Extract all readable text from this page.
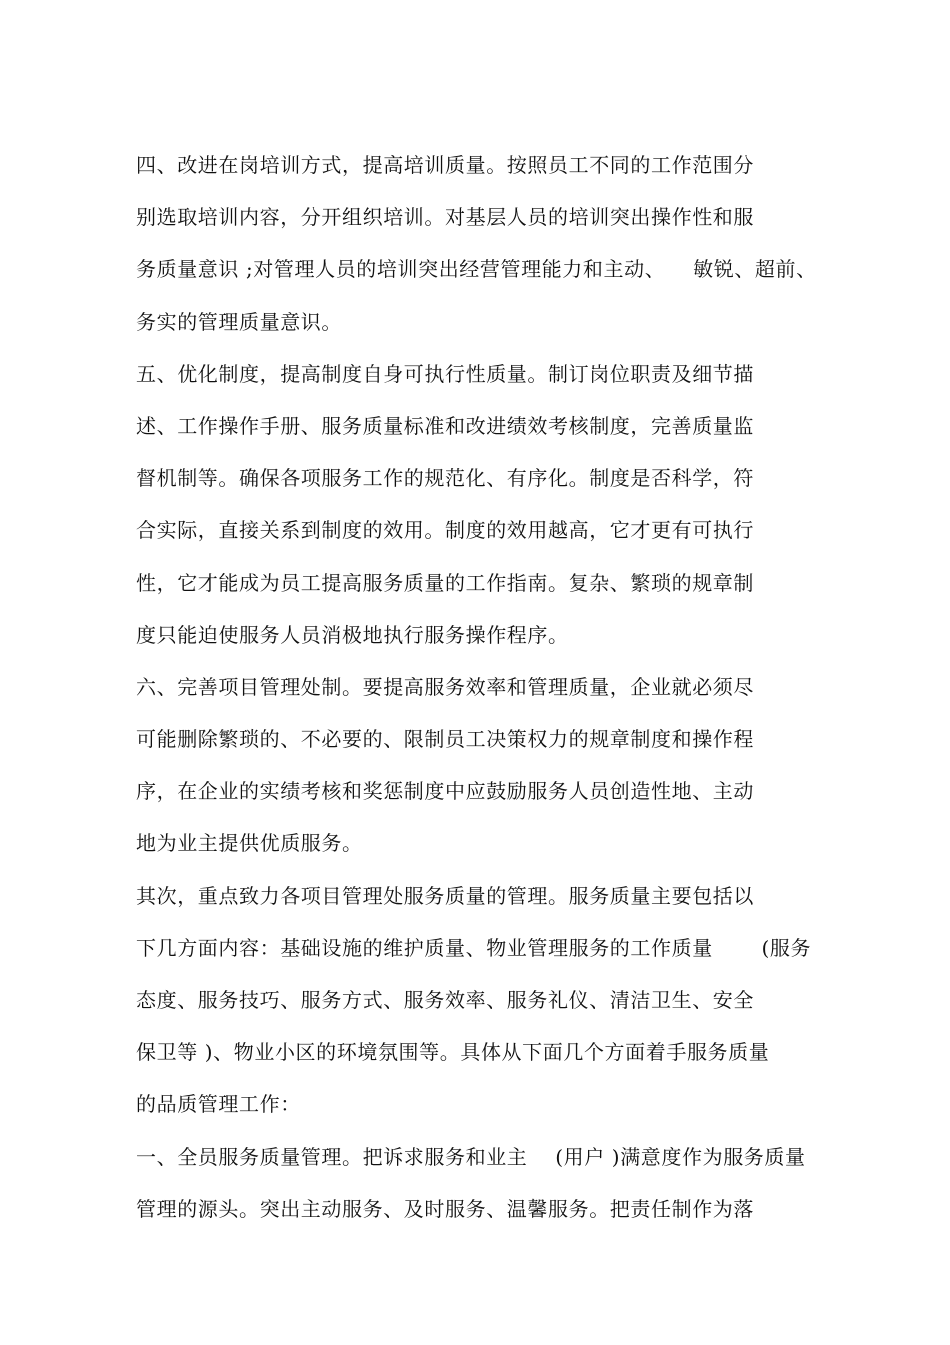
四、改进在岗培训方式，提高培训质量。按照员工不同的工作范围分
别选取培训内容，分开组织培训。对基层人员的培训突出操作性和服
务质量意识 ;对管理人员的培训突出经营管理能力和主动、    敏锐、超前、
务实的管理质量意识。
五、优化制度，提高制度自身可执行性质量。制订岗位职责及细节描
述、工作操作手册、服务质量标准和改进绩效考核制度，完善质量监
督机制等。确保各项服务工作的规范化、有序化。制度是否科学，符
合实际，直接关系到制度的效用。制度的效用越高，它才更有可执行
性，它才能成为员工提高服务质量的工作指南。复杂、繁琐的规章制
度只能迫使服务人员消极地执行服务操作程序。
六、完善项目管理处制。要提高服务效率和管理质量，企业就必须尽
可能删除繁琐的、不必要的、限制员工决策权力的规章制度和操作程
序，在企业的实绩考核和奖惩制度中应鼓励服务人员创造性地、主动
地为业主提供优质服务。
其次，重点致力各项目管理处服务质量的管理。服务质量主要包括以
下几方面内容：基础设施的维护质量、物业管理服务的工作质量       (服务
态度、服务技巧、服务方式、服务效率、服务礼仪、清洁卫生、安全
保卫等 )、物业小区的环境氛围等。具体从下面几个方面着手服务质量
的品质管理工作：
一、全员服务质量管理。把诉求服务和业主    (用户 )满意度作为服务质量
管理的源头。突出主动服务、及时服务、温馨服务。把责任制作为落
